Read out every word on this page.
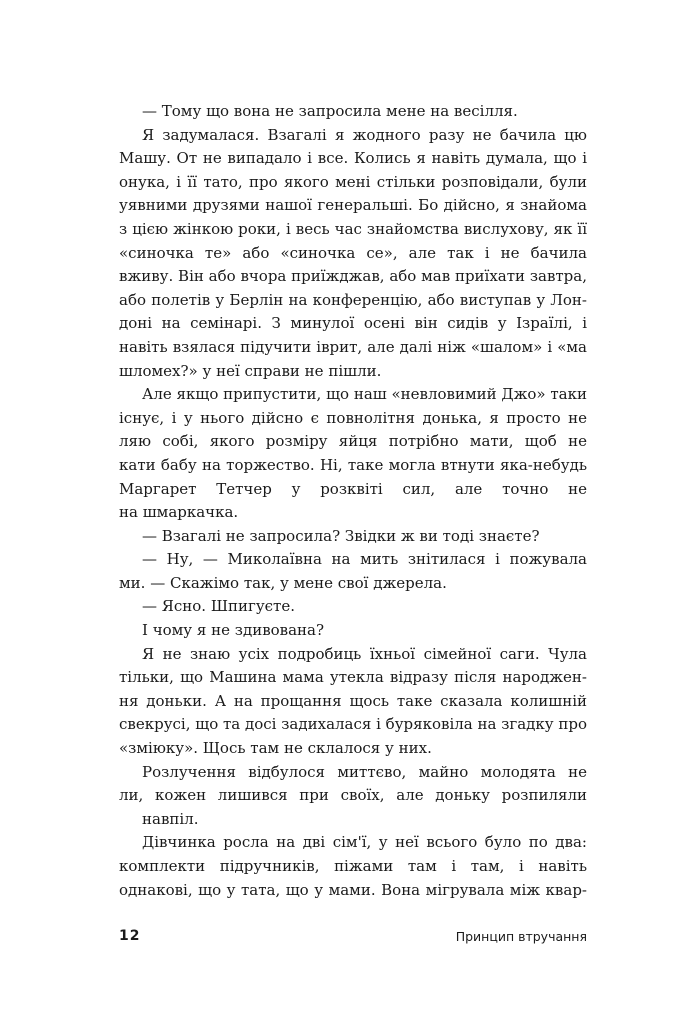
— Тому що вона не запросила мене на весілля.
Я задумалася. Взагалі я жодного разу не бачила цю
Машу. От не випадало і все. Колись я навіть думала, що і
онука, і її тато, про якого мені стільки розповідали, були
уявними друзями нашої генеральші. Бо дійсно, я знайома
з цією жінкою роки, і весь час знайомства вислухову, як її
«синочка те» або «синочка се», але так і не бачила
вживу. Він або вчора приїжджав, або мав приїхати завтра,
або полетів у Берлін на конференцію, або виступав у Лон-
доні на семінарі. З минулої осені він сидів у Ізраїлі, і
навіть взялася підучити іврит, але далі ніж «шалом» і «ма
шломех?» у неї справи не пішли.
Але якщо припустити, що наш «невловимий Джо» таки
існує, і у нього дійсно є повнолітня донька, я просто не
ляю собі, якого розміру яйця потрібно мати, щоб не
кати бабу на торжество. Ні, таке могла втнути яка-небудь
Маргарет Тетчер у розквіті сил, але точно не
на шмаркачка.
— Взагалі не запросила? Звідки ж ви тоді знаєте?
— Ну, — Миколаївна на мить знітилася і пожувала
ми. — Скажімо так, у мене свої джерела.
— Ясно. Шпигуєте.
І чому я не здивована?
Я не знаю усіх подробиць їхньої сімейної саги. Чула
тільки, що Машина мама утекла відразу після народжен-
ня доньки. А на прощання щось таке сказала колишній
свекрусі, що та досі задихалася і буряковіла на згадку про
«зміюку». Щось там не склалося у них.
Розлучення відбулося миттєво, майно молодята не
ли, кожен лишився при своїх, але доньку розпиляли
навпіл.
Дівчинка росла на дві сім'ї, у неї всього було по два:
комплекти підручників, піжами там і там, і навіть
однакові, що у тата, що у мами. Вона мігрувала між квар-
12	Принцип втручання
